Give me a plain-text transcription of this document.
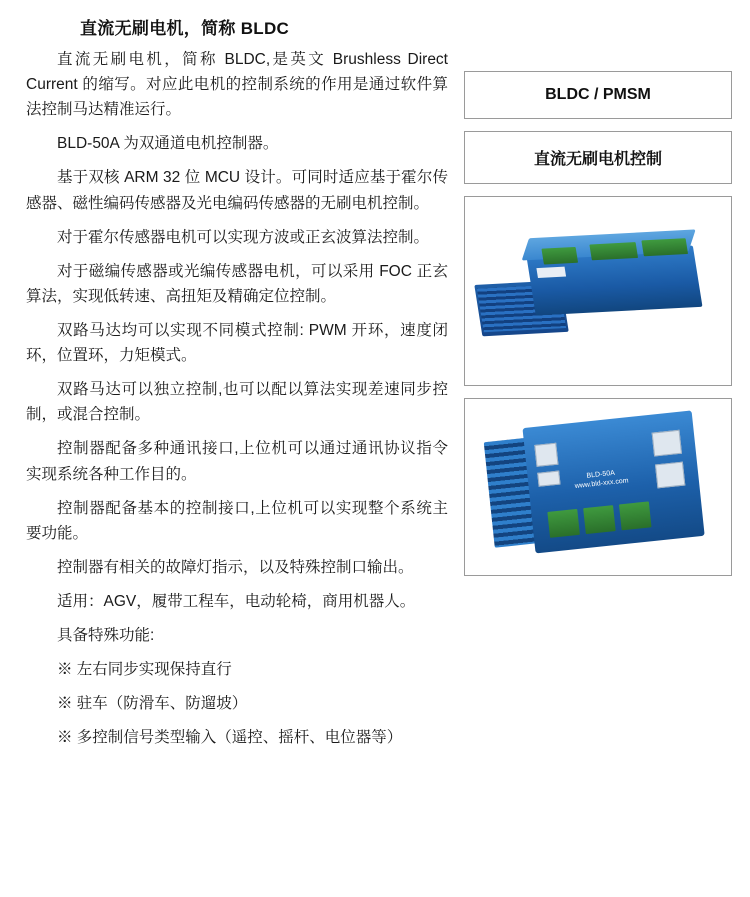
直流无刷电机，简称 BLDC

直流无刷电机，简称 BLDC,是英文 Brushless Direct Current 的缩写。对应此电机的控制系统的作用是通过软件算法控制马达精准运行。

BLD-50A 为双通道电机控制器。

基于双核 ARM 32 位 MCU 设计。可同时适应基于霍尔传感器、磁性编码传感器及光电编码传感器的无刷电机控制。

对于霍尔传感器电机可以实现方波或正玄波算法控制。

对于磁编传感器或光编传感器电机，可以采用 FOC 正玄算法，实现低转速、高扭矩及精确定位控制。

双路马达均可以实现不同模式控制: PWM 开环，速度闭环，位置环，力矩模式。

双路马达可以独立控制,也可以配以算法实现差速同步控制，或混合控制。

控制器配备多种通讯接口,上位机可以通过通讯协议指令实现系统各种工作目的。

控制器配备基本的控制接口,上位机可以实现整个系统主要功能。

控制器有相关的故障灯指示，以及特殊控制口输出。

适用：AGV，履带工程车，电动轮椅，商用机器人。

具备特殊功能:

※ 左右同步实现保持直行

※ 驻车（防滑车、防遛坡）

※ 多控制信号类型输入（遥控、摇杆、电位器等）

BLDC / PMSM
直流无刷电机控制
BLD-50A
www.bld-xxx.com
